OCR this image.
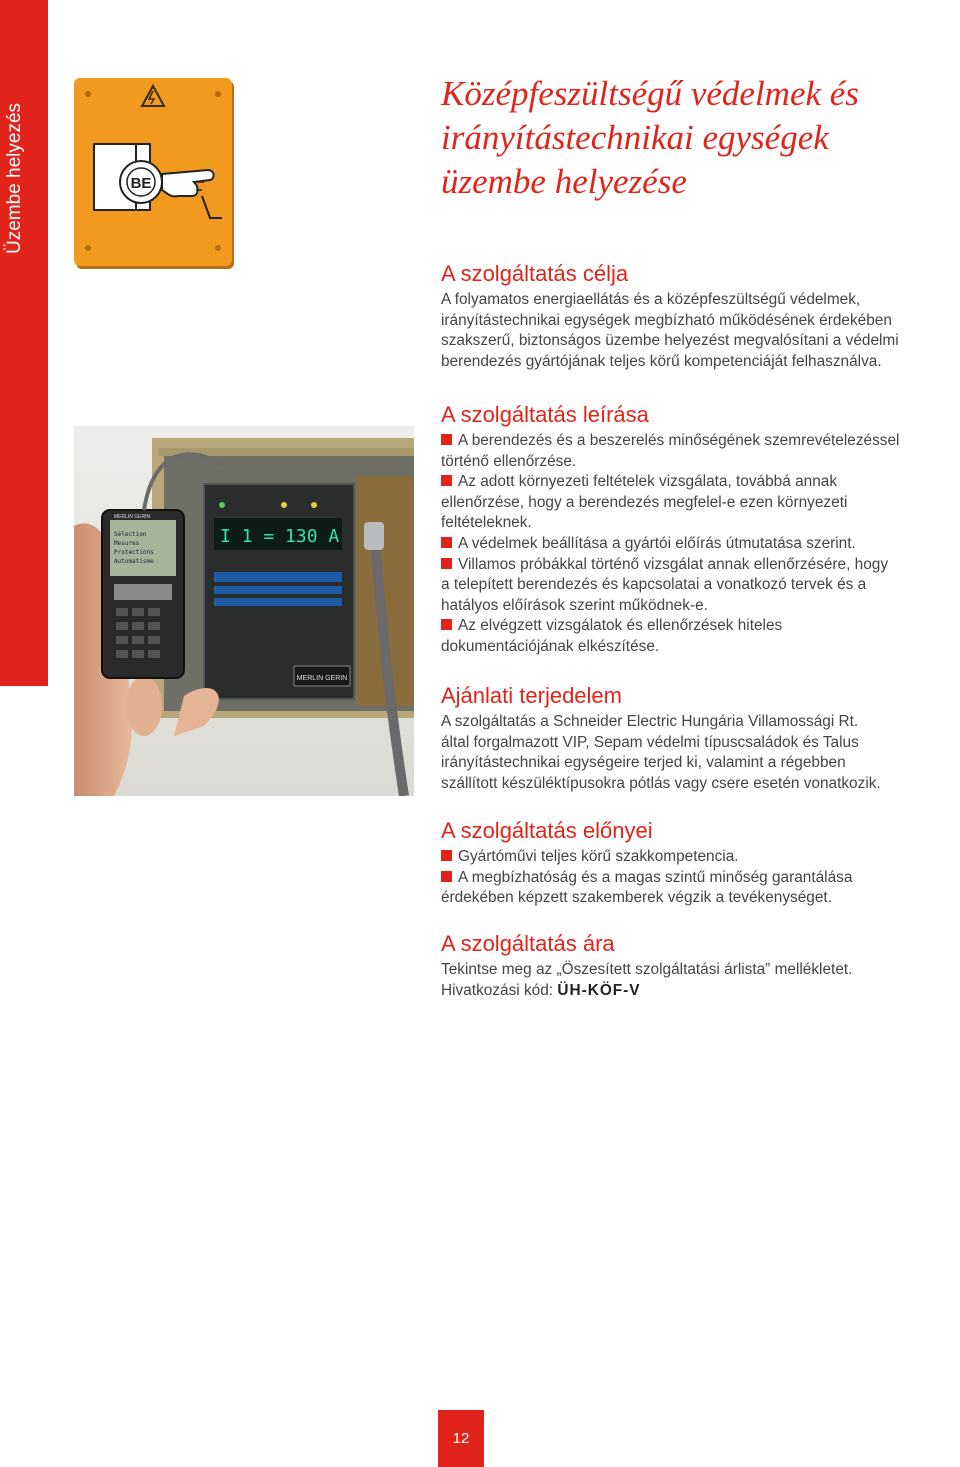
Üzembe helyezés	BE
Középfeszültségű védelmek és
irányítástechnikai egységek
üzembe helyezése
A szolgáltatás célja

A folyamatos energiaellátás és a középfeszültségű védelmek,

irányítástechnikai egységek megbízható működésének érdekében

szakszerű, biztonságos üzembe helyezést megvalósítani a védelmi

berendezés gyártójának teljes körű kompetenciáját felhasználva.

A szolgáltatás leírása

A berendezés és a beszerelés minőségének szemrevételezéssel

történő ellenőrzése.

Az adott környezeti feltételek vizsgálata, továbbá annak

ellenőrzése, hogy a berendezés megfelel-e ezen környezeti

feltételeknek.

A védelmek beállítása a gyártói előírás útmutatása szerint.

Villamos próbákkal történő vizsgálat annak ellenőrzésére, hogy

a telepített berendezés és kapcsolatai a vonatkozó tervek és a

hatályos előírások szerint működnek-e.

Az elvégzett vizsgálatok és ellenőrzések hiteles

dokumentációjának elkészítése.

Ajánlati terjedelem

A szolgáltatás a Schneider Electric Hungária Villamossági Rt.

által forgalmazott VIP, Sepam védelmi típuscsaládok és Talus

irányítástechnikai egységeire terjed ki, valamint a régebben

szállított készüléktípusokra pótlás vagy csere esetén vonatkozik.

A szolgáltatás előnyei

Gyártóművi teljes körű szakkompetencia.

A megbízhatóság és a magas szintű minőség garantálása

érdekében képzett szakemberek végzik a tevékenységet.

A szolgáltatás ára

Tekintse meg az „Öszesített szolgáltatási árlista” mellékletet.

Hivatkozási kód: ÜH-KÖF-V

I 1 = 130 A
MERLIN GERIN
MERLIN GERIN
Sélection
Mesures
Protections
Automatisme
12
